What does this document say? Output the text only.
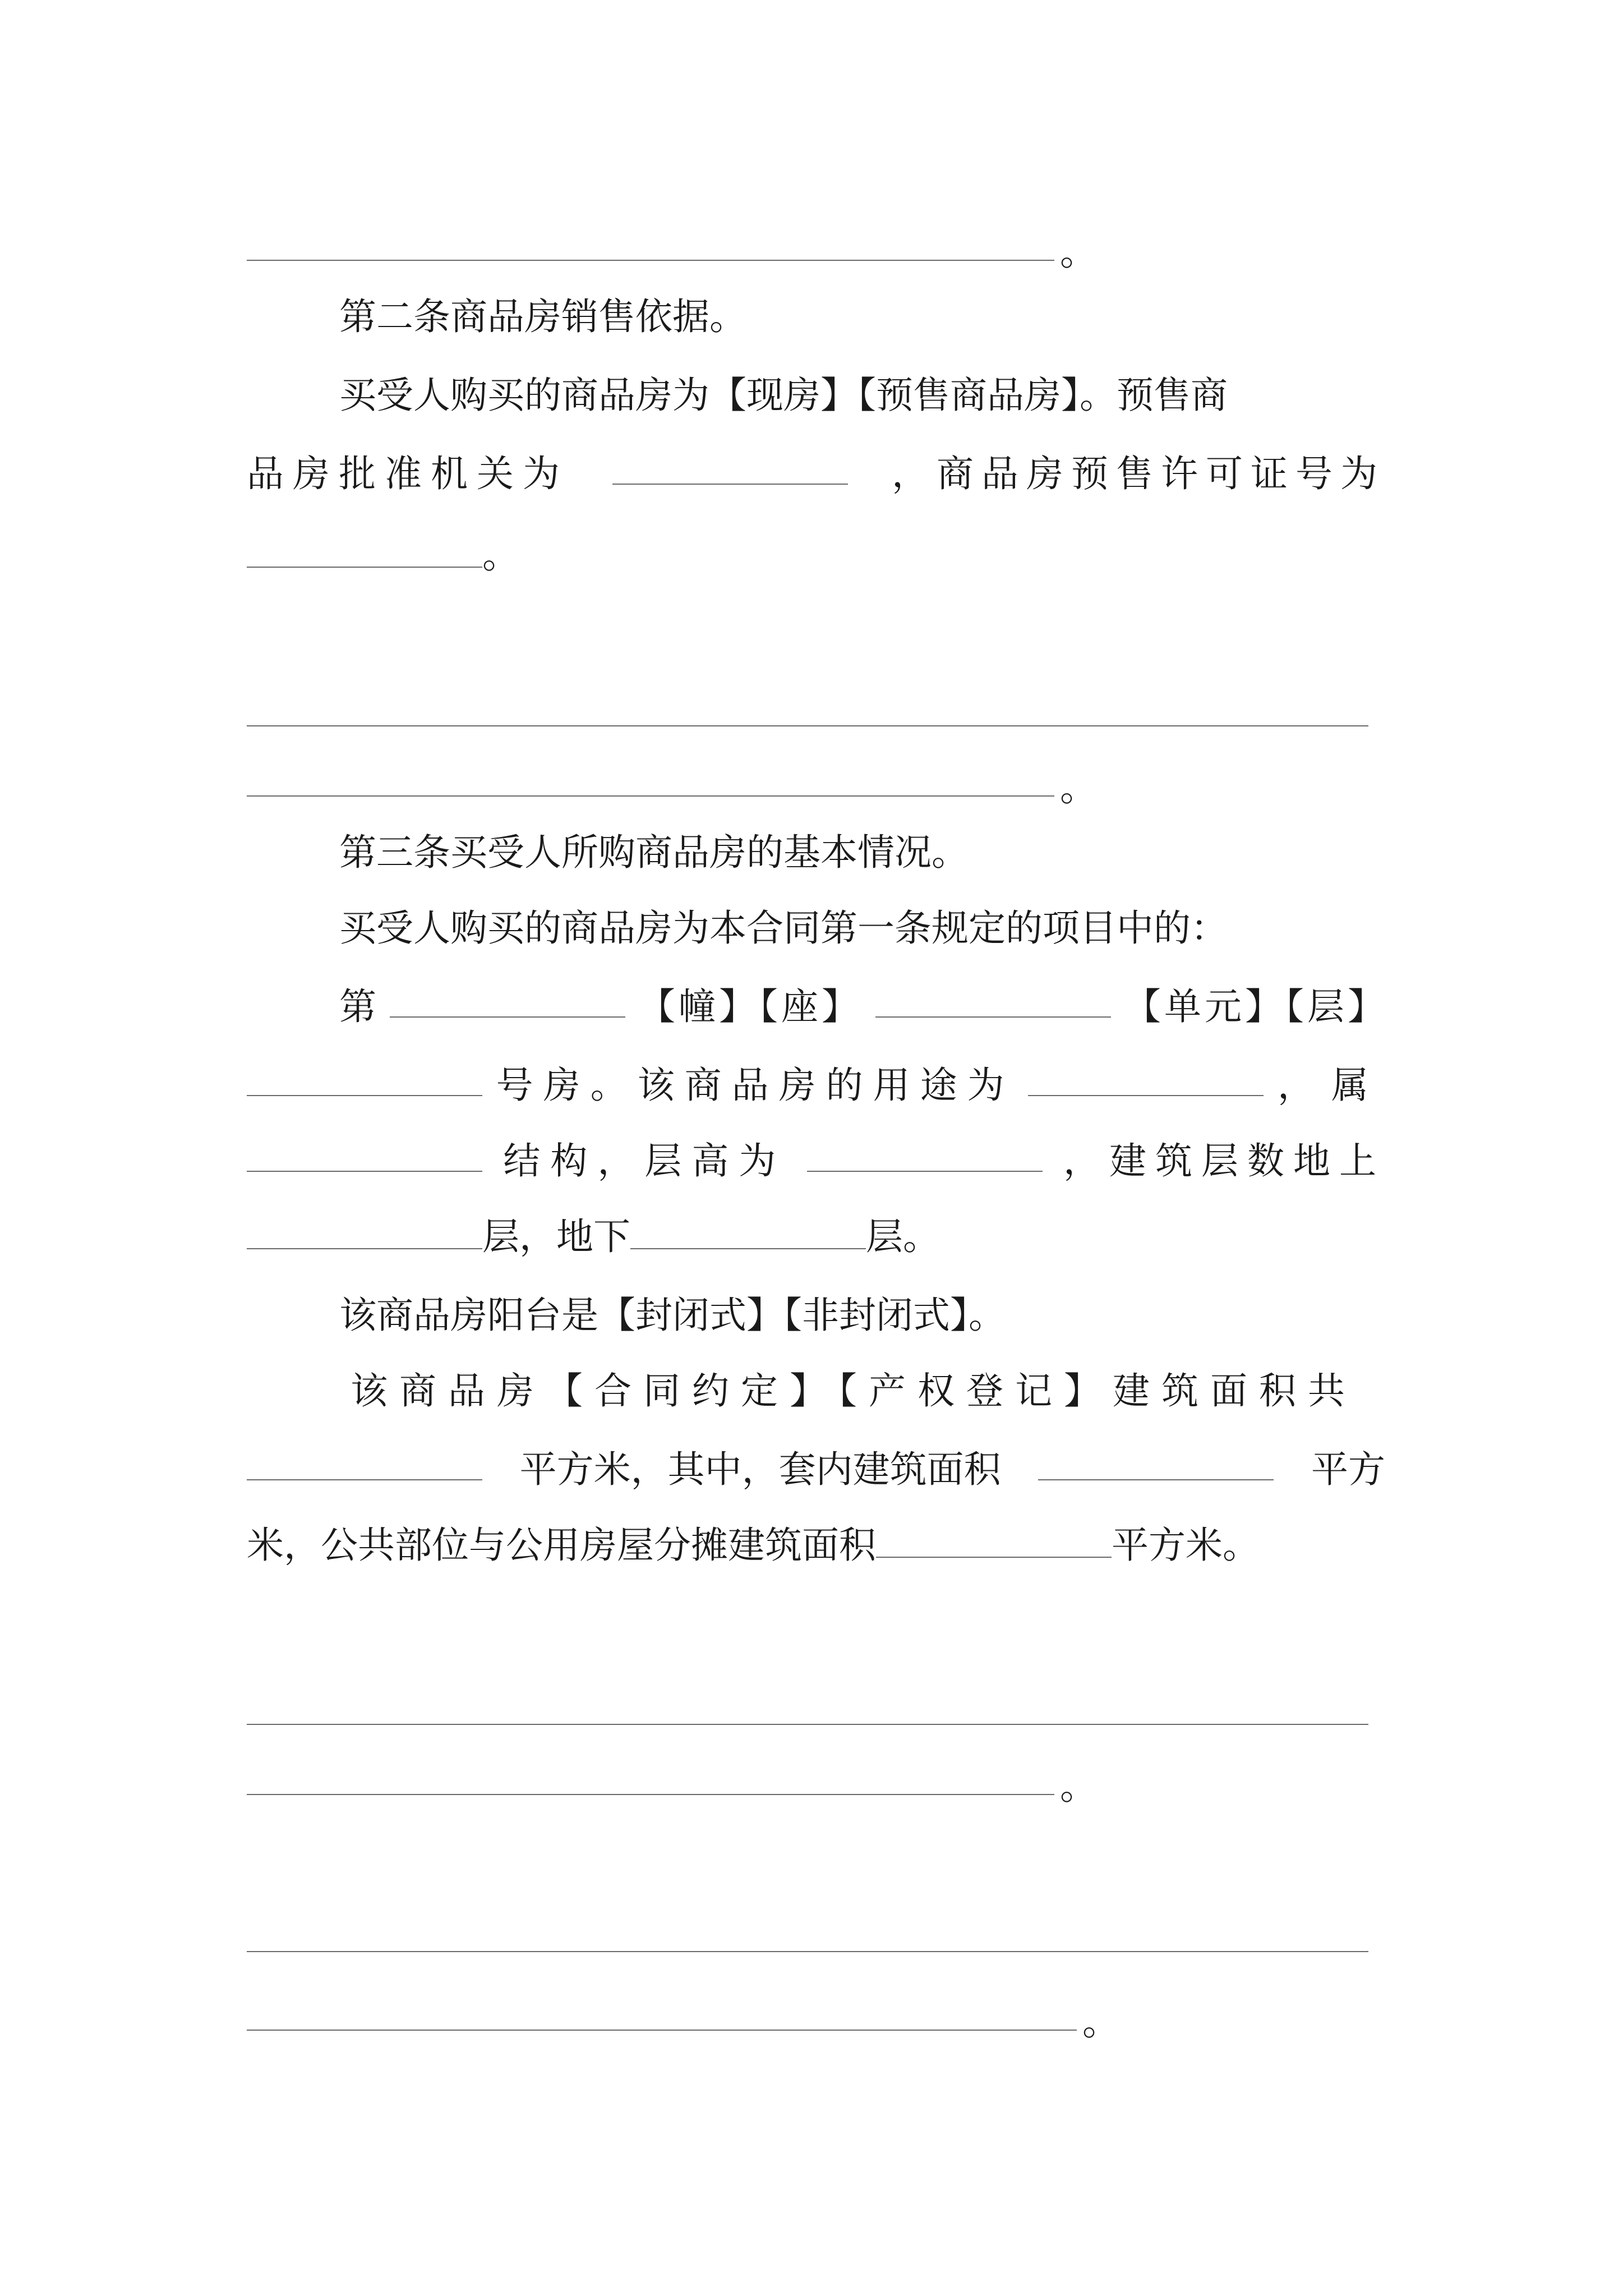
。
第二条商品房销售依据。
买受人购买的商品房为【现房】【预售商品房】。预售商
品房批准机关为	，商品房预售许可证号为
。
。
第三条买受人所购商品房的基本情况。
买受人购买的商品房为本合同第一条规定的项目中的：
第	【幢】【座】	【单元】【层】
号房。该商品房的用途为	，属
结构，层高为	，建筑层数地上
层，地下	层。
该商品房阳台是【封闭式】【非封闭式】。
该商品房【合同约定】【产权登记】建筑面积共
平方米，其中，套内建筑面积	平方
米，公共部位与公用房屋分摊建筑面积	平方米。
。
。
